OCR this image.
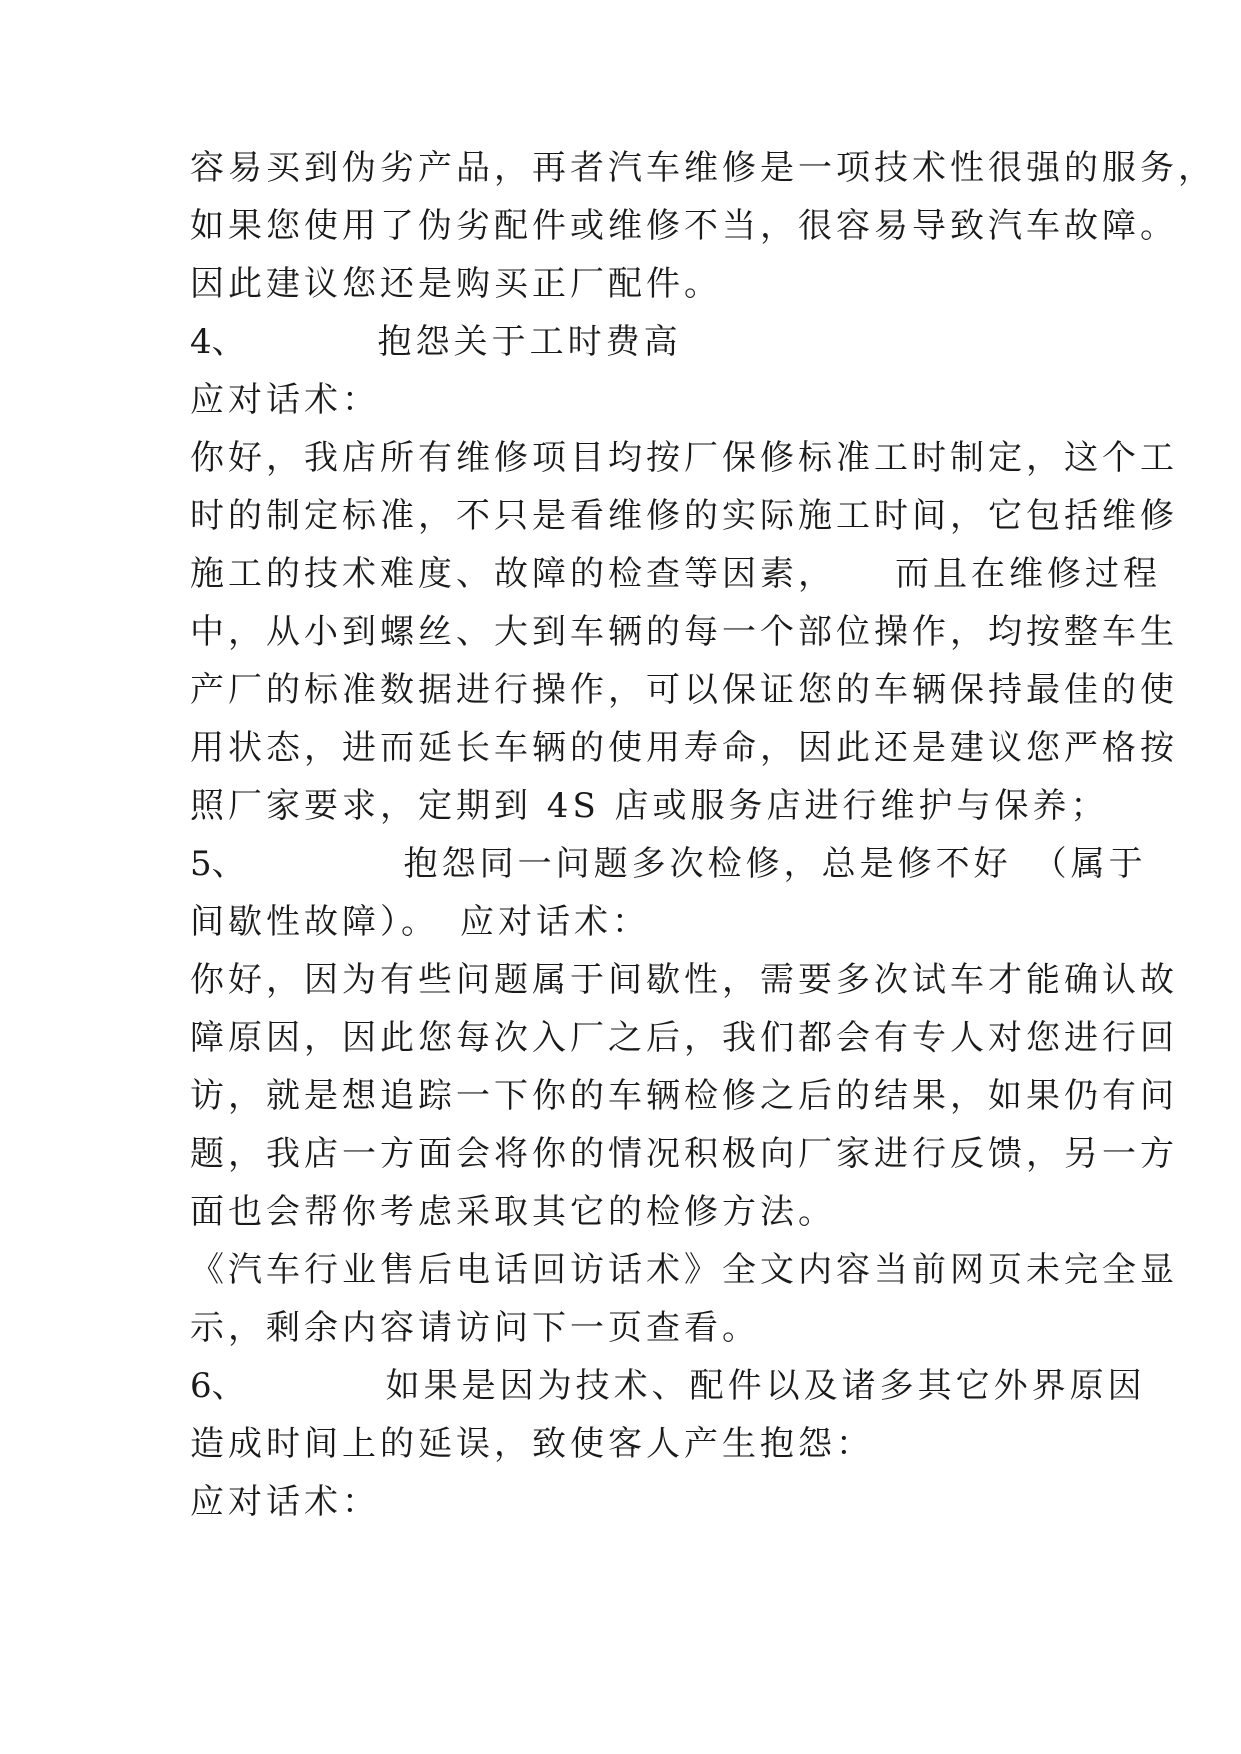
容易买到伪劣产品，再者汽车维修是一项技术性很强的服务，
如果您使用了伪劣配件或维修不当，很容易导致汽车故障。
因此建议您还是购买正厂配件。
4、	抱怨关于工时费高
应对话术：
你好，我店所有维修项目均按厂保修标准工时制定，这个工
时的制定标准，不只是看维修的实际施工时间，它包括维修
施工的技术难度、故障的检查等因素，　　而且在维修过程
中，从小到螺丝、大到车辆的每一个部位操作，均按整车生
产厂的标准数据进行操作，可以保证您的车辆保持最佳的使
用状态，进而延长车辆的使用寿命，因此还是建议您严格按
照厂家要求，定期到 4S 店或服务店进行维护与保养；
5、	抱怨同一问题多次检修，总是修不好　（属于
间歇性故障）。　应对话术：
你好，因为有些问题属于间歇性，需要多次试车才能确认故
障原因，因此您每次入厂之后，我们都会有专人对您进行回
访，就是想追踪一下你的车辆检修之后的结果，如果仍有问
题，我店一方面会将你的情况积极向厂家进行反馈，另一方
面也会帮你考虑采取其它的检修方法。
《汽车行业售后电话回访话术》全文内容当前网页未完全显
示，剩余内容请访问下一页查看。
6、	如果是因为技术、配件以及诸多其它外界原因
造成时间上的延误，致使客人产生抱怨：
应对话术：
